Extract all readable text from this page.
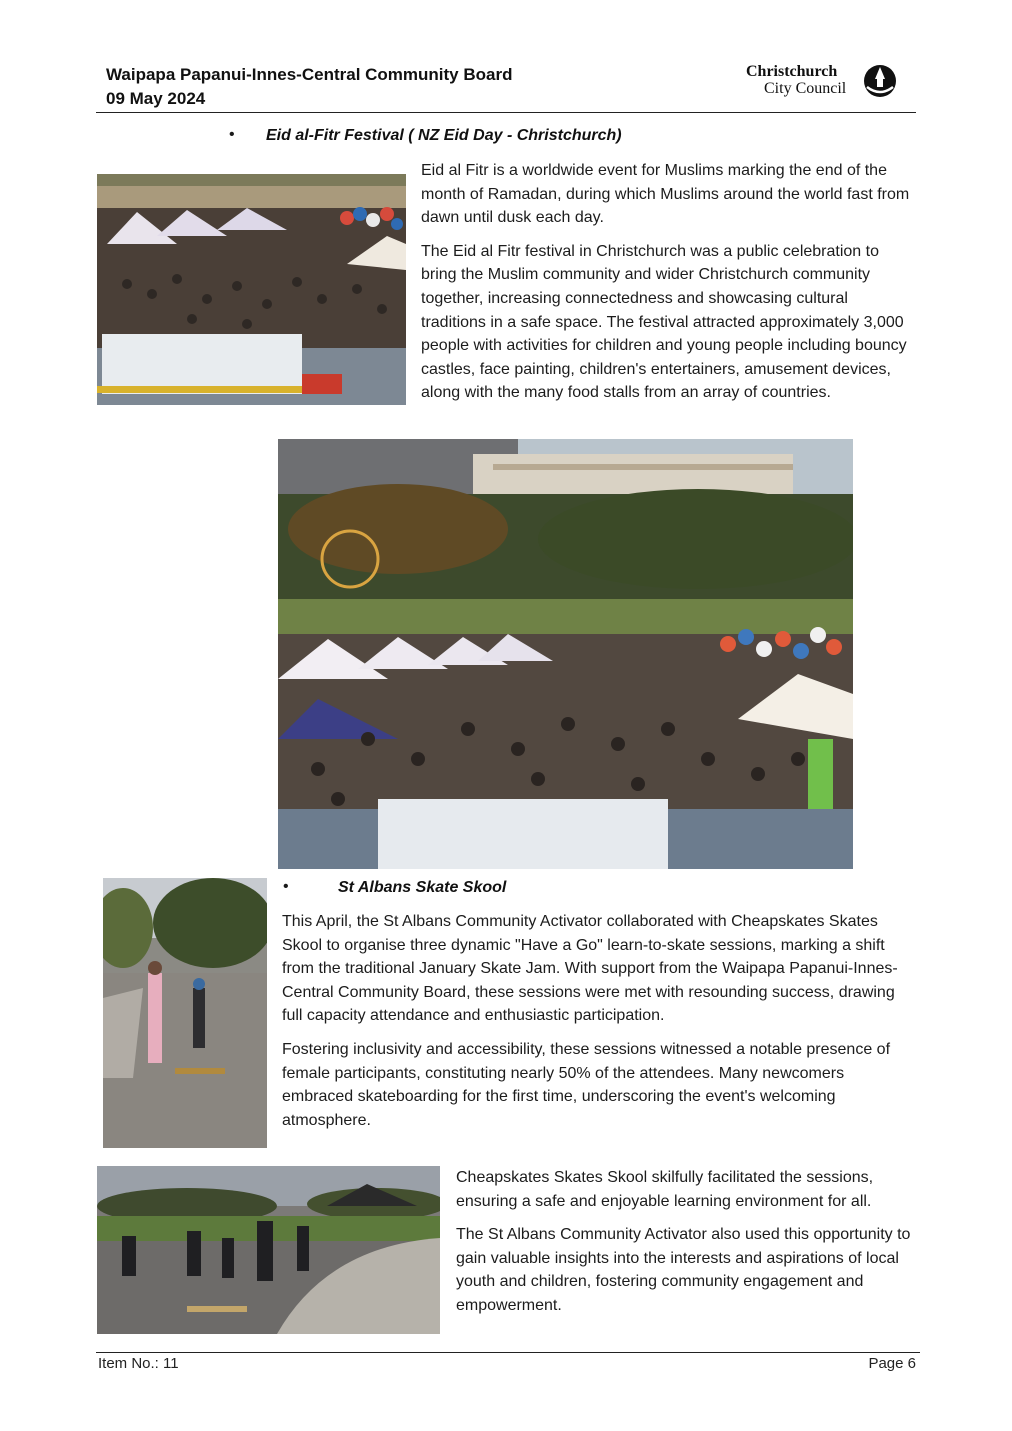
Waipapa Papanui-Innes-Central Community Board
09 May 2024
Christchurch
City Council
• Eid al-Fitr Festival ( NZ Eid Day - Christchurch)

Eid al Fitr is a worldwide event for Muslims marking the end of the month of Ramadan, during which Muslims around the world fast from dawn until dusk each day.

The Eid al Fitr festival in Christchurch was a public celebration to bring the Muslim community and wider Christchurch community together, increasing connectedness and showcasing cultural traditions in a safe space. The festival attracted approximately 3,000 people with activities for children and young people including bouncy castles, face painting, children's entertainers, amusement devices, along with the many food stalls from an array of countries.

•	St Albans Skate Skool

This April, the St Albans Community Activator collaborated with Cheapskates Skates Skool to organise three dynamic "Have a Go" learn-to-skate sessions, marking a shift from the traditional January Skate Jam. With support from the Waipapa Papanui-Innes-Central Community Board, these sessions were met with resounding success, drawing full capacity attendance and enthusiastic participation.

Fostering inclusivity and accessibility, these sessions witnessed a notable presence of female participants, constituting nearly 50% of the attendees. Many newcomers embraced skateboarding for the first time, underscoring the event's welcoming atmosphere.

Cheapskates Skates Skool skilfully facilitated the sessions, ensuring a safe and enjoyable learning environment for all.

The St Albans Community Activator also used this opportunity to gain valuable insights into the interests and aspirations of local youth and children, fostering community engagement and empowerment.

Item No.: 11	Page 6
